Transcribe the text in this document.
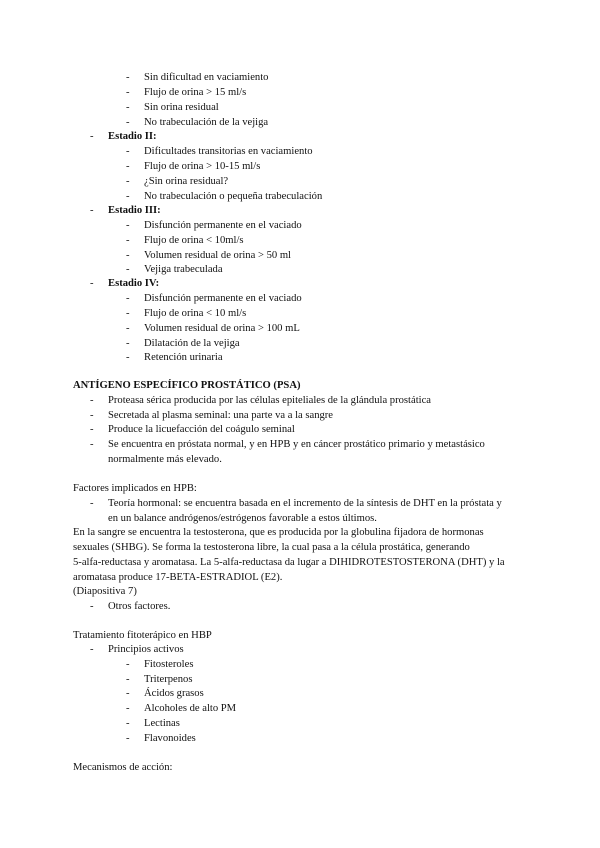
- Sin dificultad en vaciamiento
- Flujo de orina > 15 ml/s
- Sin orina residual
- No trabeculación de la vejiga
- Estadio II:
- Dificultades transitorias en vaciamiento
- Flujo de orina > 10-15 ml/s
- ¿Sin orina residual?
- No trabeculación o pequeña trabeculación
- Estadio III:
- Disfunción permanente en el vaciado
- Flujo de orina < 10ml/s
- Volumen residual de orina > 50 ml
- Vejiga trabeculada
- Estadio IV:
- Disfunción permanente en el vaciado
- Flujo de orina < 10 ml/s
- Volumen residual de orina > 100 mL
- Dilatación de la vejiga
- Retención urinaria
ANTÍGENO ESPECÍFICO PROSTÁTICO (PSA)
- Proteasa sérica producida por las células epiteliales de la glándula prostática
- Secretada al plasma seminal: una parte va a la sangre
- Produce la licuefacción del coágulo seminal
- Se encuentra en próstata normal, y en HPB y en cáncer prostático primario y metastásico
normalmente más elevado.
Factores implicados en HPB:
- Teoría hormonal: se encuentra basada en el incremento de la síntesis de DHT en la próstata y
en un balance andrógenos/estrógenos favorable a estos últimos.
En la sangre se encuentra la testosterona, que es producida por la globulina fijadora de hormonas
sexuales (SHBG). Se forma la testosterona libre, la cual pasa a la célula prostática, generando
5-alfa-reductasa y aromatasa. La 5-alfa-reductasa da lugar a DIHIDROTESTOSTERONA (DHT) y la
aromatasa produce 17-BETA-ESTRADIOL (E2).
(Diapositiva 7)
- Otros factores.
Tratamiento fitoterápico en HBP
- Principios activos
- Fitosteroles
- Triterpenos
- Ácidos grasos
- Alcoholes de alto PM
- Lectinas
- Flavonoides
Mecanismos de acción:
